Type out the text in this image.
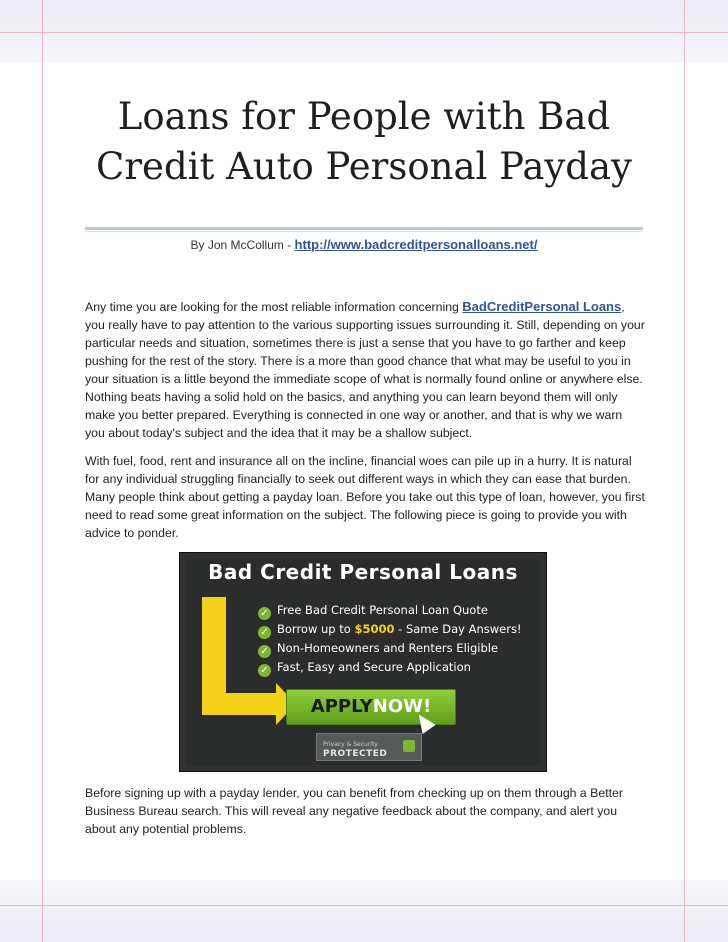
Loans for People with Bad Credit Auto Personal Payday
By Jon McCollum - http://www.badcreditpersonalloans.net/

Any time you are looking for the most reliable information concerning BadCreditPersonal Loans, you really have to pay attention to the various supporting issues surrounding it. Still, depending on your particular needs and situation, sometimes there is just a sense that you have to go farther and keep pushing for the rest of the story. There is a more than good chance that what may be useful to you in your situation is a little beyond the immediate scope of what is normally found online or anywhere else. Nothing beats having a solid hold on the basics, and anything you can learn beyond them will only make you better prepared. Everything is connected in one way or another, and that is why we warn you about today's subject and the idea that it may be a shallow subject.

With fuel, food, rent and insurance all on the incline, financial woes can pile up in a hurry. It is natural for any individual struggling financially to seek out different ways in which they can ease that burden. Many people think about getting a payday loan. Before you take out this type of loan, however, you first need to read some great information on the subject. The following piece is going to provide you with advice to ponder.

Bad Credit Personal Loans
✓ Free Bad Credit Personal Loan Quote
✓ Borrow up to $5000 - Same Day Answers!
✓ Non-Homeowners and Renters Eligible
✓ Fast, Easy and Secure Application
APPLYNOW!
Privacy & Security
PROTECTED

Before signing up with a payday lender, you can benefit from checking up on them through a Better Business Bureau search. This will reveal any negative feedback about the company, and alert you about any potential problems.
